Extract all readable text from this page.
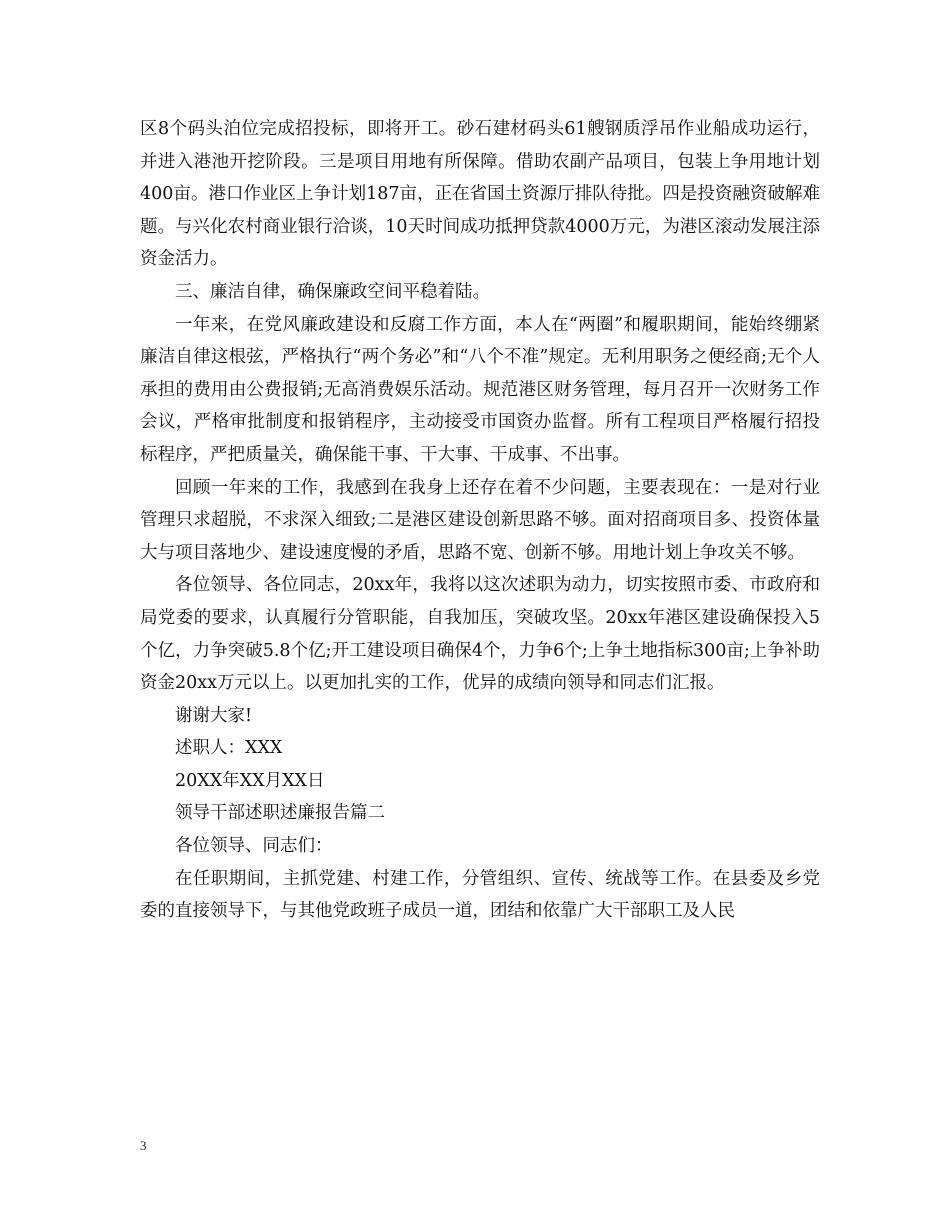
区8个码头泊位完成招投标，即将开工。砂石建材码头61艘钢质浮吊作业船成功运行，并进入港池开挖阶段。三是项目用地有所保障。借助农副产品项目，包装上争用地计划400亩。港口作业区上争计划187亩，正在省国土资源厅排队待批。四是投资融资破解难题。与兴化农村商业银行洽谈，10天时间成功抵押贷款4000万元，为港区滚动发展注添资金活力。

三、廉洁自律，确保廉政空间平稳着陆。

一年来，在党风廉政建设和反腐工作方面，本人在“两圈”和履职期间，能始终绷紧廉洁自律这根弦，严格执行“两个务必”和“八个不准”规定。无利用职务之便经商;无个人承担的费用由公费报销;无高消费娱乐活动。规范港区财务管理，每月召开一次财务工作会议，严格审批制度和报销程序，主动接受市国资办监督。所有工程项目严格履行招投标程序，严把质量关，确保能干事、干大事、干成事、不出事。

回顾一年来的工作，我感到在我身上还存在着不少问题，主要表现在：一是对行业管理只求超脱，不求深入细致;二是港区建设创新思路不够。面对招商项目多、投资体量大与项目落地少、建设速度慢的矛盾，思路不宽、创新不够。用地计划上争攻关不够。

各位领导、各位同志，20xx年，我将以这次述职为动力，切实按照市委、市政府和局党委的要求，认真履行分管职能，自我加压，突破攻坚。20xx年港区建设确保投入5个亿，力争突破5.8个亿;开工建设项目确保4个，力争6个;上争土地指标300亩;上争补助资金20xx万元以上。以更加扎实的工作，优异的成绩向领导和同志们汇报。

谢谢大家!

述职人：XXX

20XX年XX月XX日

领导干部述职述廉报告篇二

各位领导、同志们：

在任职期间，主抓党建、村建工作，分管组织、宣传、统战等工作。在县委及乡党委的直接领导下，与其他党政班子成员一道，团结和依靠广大干部职工及人民

3
